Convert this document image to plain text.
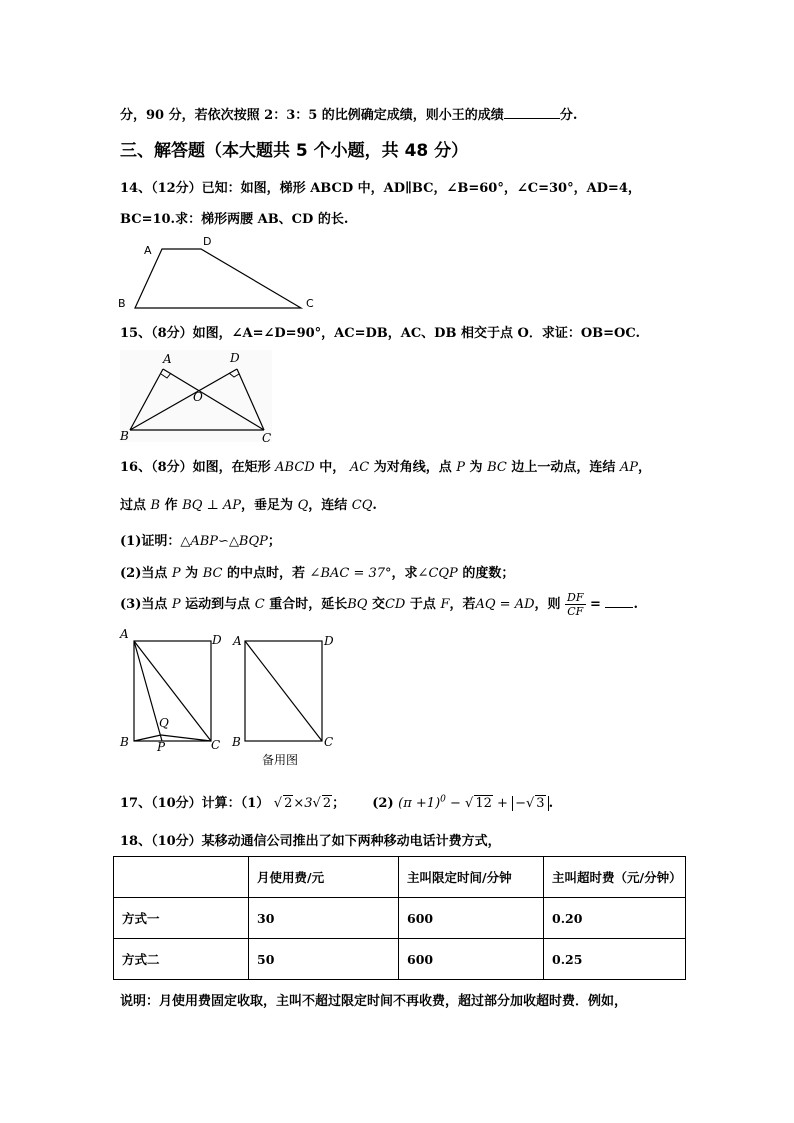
分，90 分，若依次按照 2：3：5 的比例确定成绩，则小王的成绩	分.
三、解答题（本大题共 5 个小题，共 48 分）
14、（12分）已知：如图，梯形 ABCD 中，AD∥BC，∠B=60°，∠C=30°，AD=4，
BC=10.求：梯形两腰 AB、CD 的长.
A
D
B	C
15、（8分）如图，∠A=∠D=90°，AC=DB，AC、DB 相交于点 O．求证：OB=OC.
A	D
O
B	C
16、（8分）如图，在矩形 ABCD 中， AC 为对角线，点 P 为 BC 边上一动点，连结 AP，
过点 B 作 BQ ⊥ AP，垂足为 Q，连结 CQ.
(1)证明：△ABP∽△BQP；
(2)当点 P 为 BC 的中点时，若 ∠BAC = 37°，求∠CQP 的度数；
(3)当点 P 运动到与点 C 重合时，延长BQ 交CD 于点 F，若AQ = AD，则 $\frac{DF}{CF}$ =	.
A	D
Q
B P	C
A	D
B	C
备用图
17、（10分）计算：（1） √ 2×3√ 2； (2) $(\pi +1)^0$ − √ 12 + −√ 3 .
18、（10分）某移动通信公司推出了如下两种移动电话计费方式，
	月使用费/元	主叫限定时间/分钟	主叫超时费（元/分钟）
方式一	30	600	0.20
方式二	50	600	0.25
说明：月使用费固定收取，主叫不超过限定时间不再收费，超过部分加收超时费．例如，
